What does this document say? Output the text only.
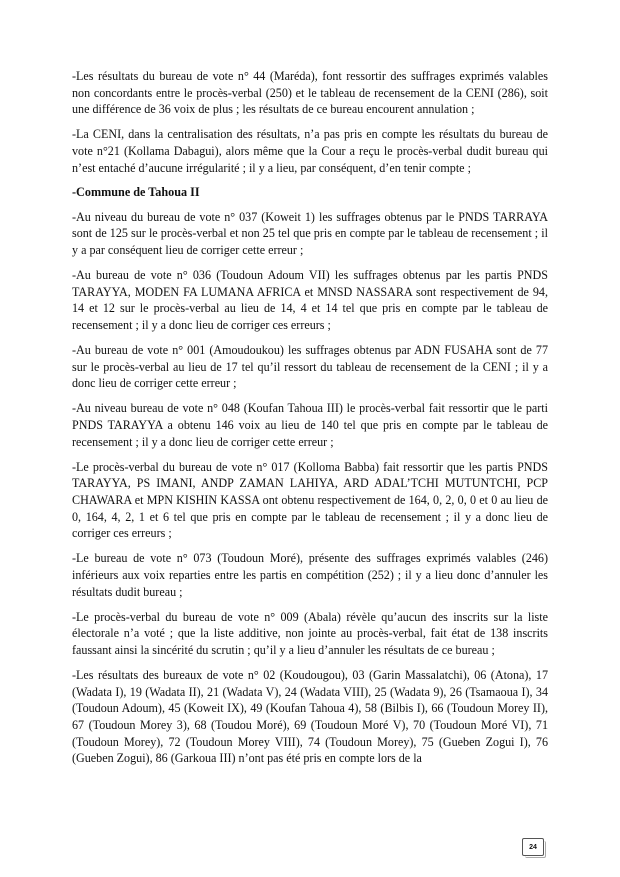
-Les résultats du bureau de vote n° 44 (Maréda), font ressortir des suffrages exprimés valables non concordants entre le procès-verbal (250) et le tableau de recensement de la CENI (286), soit une différence de 36 voix de plus ; les résultats de ce bureau encourent annulation ;

-La CENI, dans la centralisation des résultats, n’a pas pris en compte les résultats du bureau de vote n°21 (Kollama Dabagui), alors même que la Cour a reçu le procès-verbal dudit bureau qui n’est entaché d’aucune irrégularité ; il y a lieu, par conséquent, d’en tenir compte ;

-Commune de Tahoua II

-Au niveau du bureau de vote n° 037 (Koweit 1) les suffrages obtenus par le PNDS TARRAYA sont de 125 sur le procès-verbal et non 25 tel que pris en compte par le tableau de recensement ; il y a par conséquent lieu de corriger cette erreur ;

-Au bureau de vote n° 036 (Toudoun Adoum VII) les suffrages obtenus par les partis PNDS TARAYYA, MODEN FA LUMANA AFRICA et MNSD NASSARA sont respectivement de 94, 14 et 12 sur le procès-verbal au lieu de 14, 4 et 14 tel que pris en compte par le tableau de recensement ; il y a donc lieu de corriger ces erreurs ;

-Au bureau de vote n° 001 (Amoudoukou) les suffrages obtenus par ADN FUSAHA sont de 77 sur le procès-verbal au lieu de 17 tel qu’il ressort du tableau de recensement de la CENI ; il y a donc lieu de corriger cette erreur ;

-Au niveau bureau de vote n° 048 (Koufan Tahoua III) le procès-verbal fait ressortir que le parti PNDS TARAYYA a obtenu 146 voix au lieu de 140 tel que pris en compte par le tableau de recensement ; il y a donc lieu de corriger cette erreur ;

-Le procès-verbal du bureau de vote n° 017 (Kolloma Babba) fait ressortir que les partis PNDS TARAYYA, PS IMANI, ANDP ZAMAN LAHIYA, ARD ADAL’TCHI MUTUNTCHI, PCP CHAWARA et MPN KISHIN KASSA ont obtenu respectivement de 164, 0, 2, 0, 0 et 0 au lieu de 0, 164, 4, 2, 1 et 6 tel que pris en compte par le tableau de recensement ; il y a donc lieu de corriger ces erreurs ;

-Le bureau de vote n° 073 (Toudoun Moré), présente des suffrages exprimés valables (246) inférieurs aux voix reparties entre les partis en compétition (252) ; il y a lieu donc d’annuler les résultats dudit bureau ;

-Le procès-verbal du bureau de vote n° 009 (Abala) révèle qu’aucun des inscrits sur la liste électorale n’a voté ; que la liste additive, non jointe au procès-verbal, fait état de 138 inscrits faussant ainsi la sincérité du scrutin ; qu’il y a lieu d’annuler les résultats de ce bureau ;

-Les résultats des bureaux de vote n° 02 (Koudougou), 03 (Garin Massalatchi), 06 (Atona), 17 (Wadata I), 19 (Wadata II), 21 (Wadata V), 24 (Wadata VIII), 25 (Wadata 9), 26 (Tsamaoua I), 34 (Toudoun Adoum), 45 (Koweit IX), 49 (Koufan Tahoua 4), 58 (Bilbis I), 66 (Toudoun Morey II), 67 (Toudoun Morey 3), 68 (Toudou Moré), 69 (Toudoun Moré V), 70 (Toudoun Moré VI), 71 (Toudoun Morey), 72 (Toudoun Morey VIII), 74 (Toudoun Morey), 75 (Gueben Zogui I), 76 (Gueben Zogui), 86 (Garkoua III) n’ont pas été pris en compte lors de la

24
